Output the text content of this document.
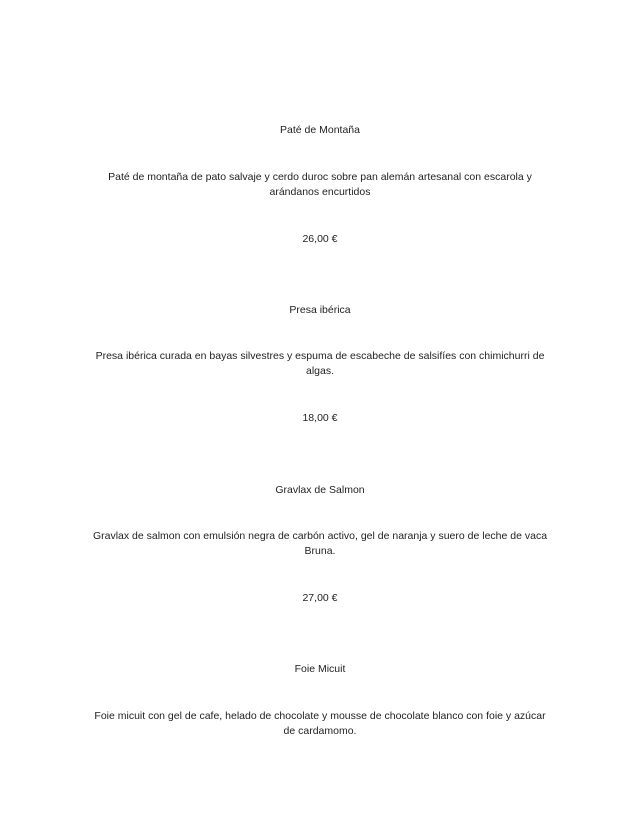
Paté de Montaña
Paté de montaña de pato salvaje y cerdo duroc sobre pan alemán artesanal con escarola y
arándanos encurtidos
26,00 €
Presa ibérica
Presa ibérica curada en bayas silvestres y espuma de escabeche de salsifíes con chimichurri de
algas.
18,00 €
Gravlax de Salmon
Gravlax de salmon con emulsión negra de carbón activo, gel de naranja y suero de leche de vaca
Bruna.
27,00 €
Foie Micuit
Foie micuit con gel de cafe, helado de chocolate y mousse de chocolate blanco con foie y azúcar
de cardamomo.
